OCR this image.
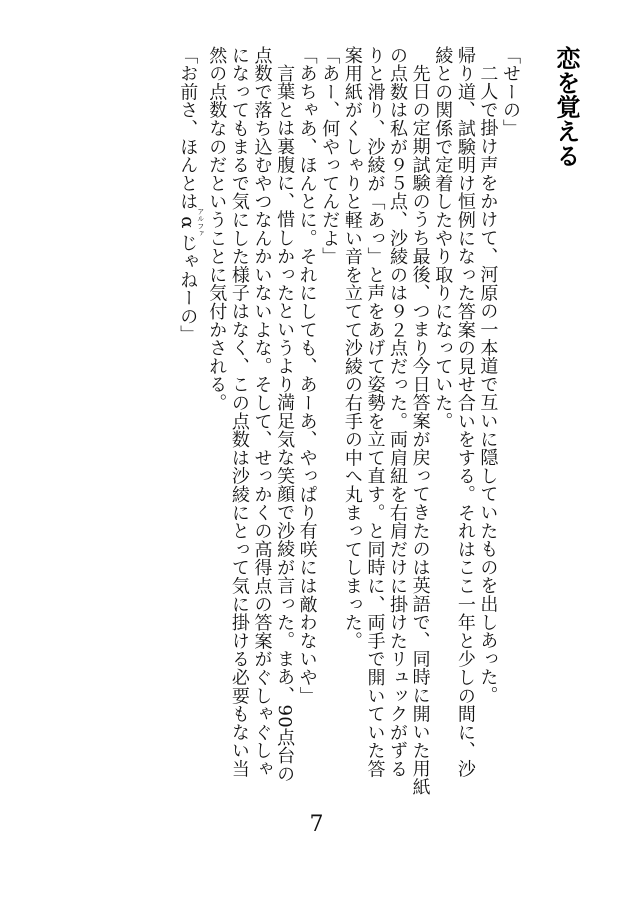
恋を覚える

「せーの」

二人で掛け声をかけて、河原の一本道で互いに隠していたものを出しあった。

帰り道、試験明け恒例になった答案の見せ合いをする。それはここ一年と少しの間に、沙綾との関係で定着したやり取りになっていた。

先日の定期試験のうち最後、つまり今日答案が戻ってきたのは英語で、同時に開いた用紙の点数は私が９５点、沙綾のは９２点だった。両肩紐を右肩だけに掛けたリュックがずるりと滑り、沙綾が「あっ」と声をあげて姿勢を立て直す。と同時に、両手で開いていた答案用紙がくしゃりと軽い音を立てて沙綾の右手の中へ丸まってしまった。

「あー、何やってんだよ」

「あちゃあ、ほんとに。それにしても、あーあ、やっぱり有咲には敵わないや」

言葉とは裏腹に、惜しかったというより満足気な笑顔で沙綾が言った。まあ、90点台の点数で落ち込むやつなんかいないよな。そして、せっかくの高得点の答案がぐしゃぐしゃになってもまるで気にした様子はなく、この点数は沙綾にとって気に掛ける必要もない当然の点数なのだということに気付かされる。

「お前さ、ほんとはαアルファじゃねーの」

7
